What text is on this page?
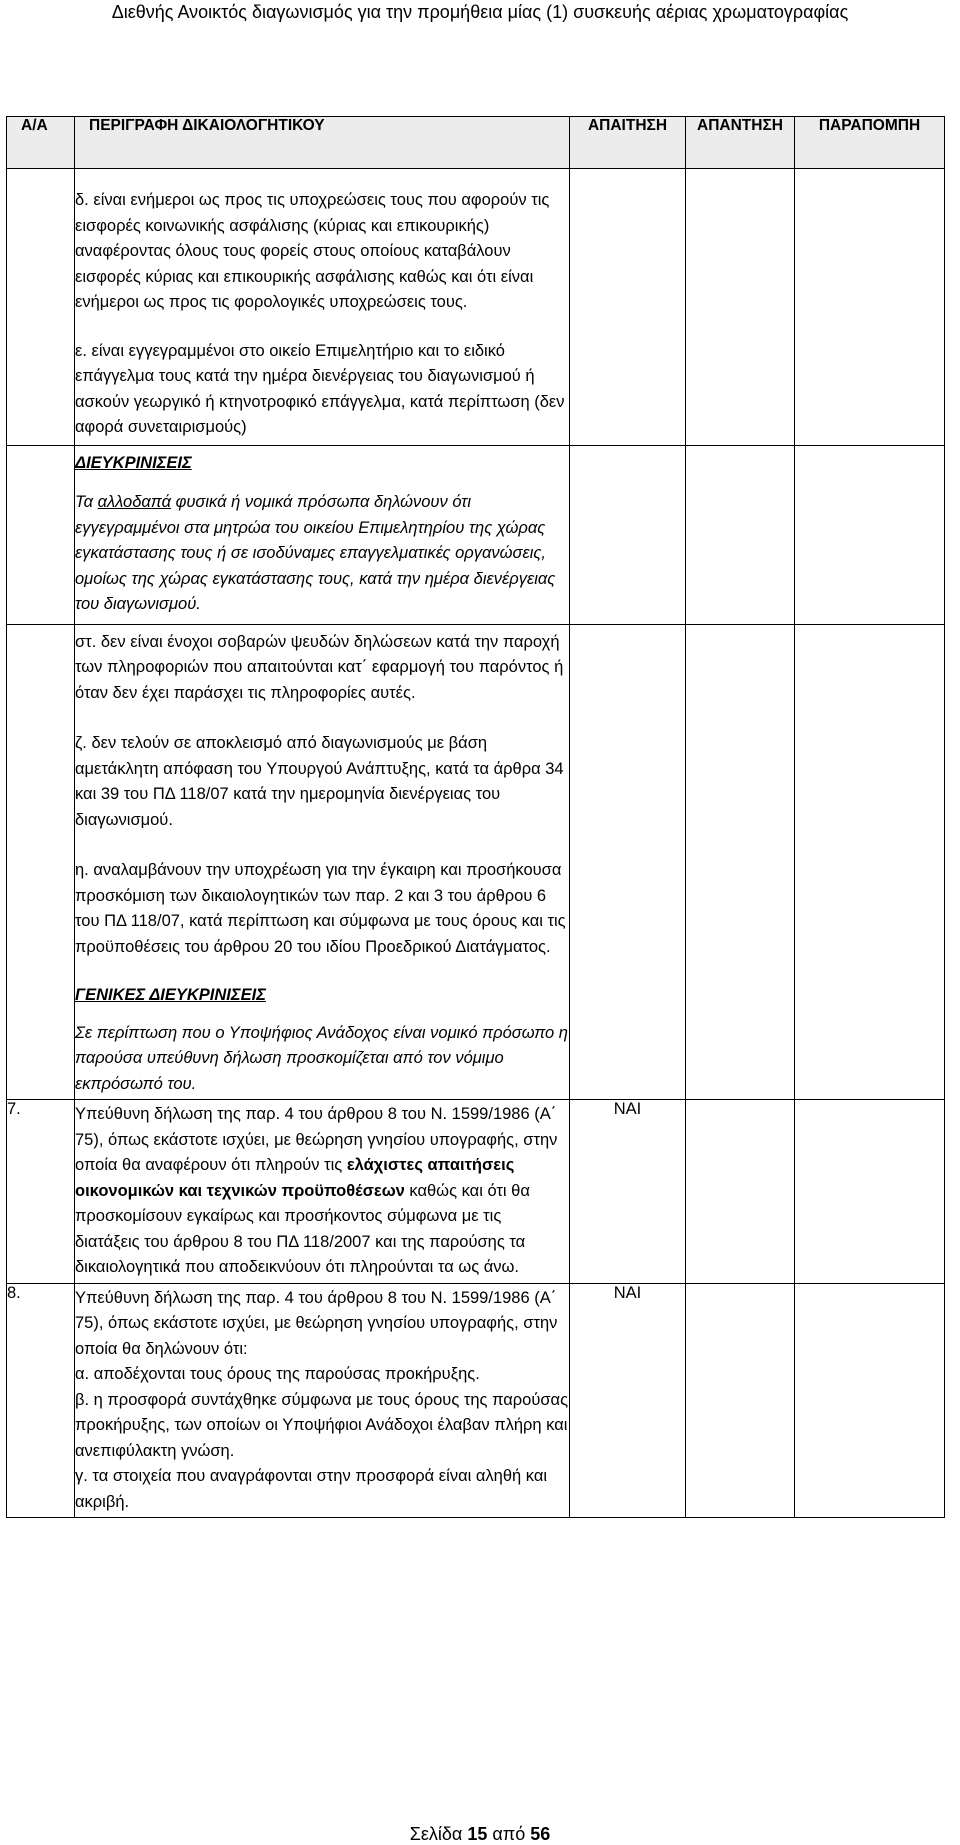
Διεθνής Ανοικτός διαγωνισμός για την προμήθεια μίας (1) συσκευής αέριας χρωματογραφίας
Α/Α	ΠΕΡΙΓΡΑΦΗ ΔΙΚΑΙΟΛΟΓΗΤΙΚΟΥ	ΑΠΑΙΤΗΣΗ	ΑΠΑΝΤΗΣΗ	ΠΑΡΑΠΟΜΠΗ

	δ. είναι ενήμεροι ως προς τις υποχρεώσεις τους που αφορούν τις εισφορές κοινωνικής ασφάλισης (κύριας και επικουρικής) αναφέροντας όλους τους φορείς στους οποίους καταβάλουν εισφορές κύριας και επικουρικής ασφάλισης καθώς και ότι είναι ενήμεροι ως προς τις φορολογικές υποχρεώσεις τους.

ε. είναι εγγεγραμμένοι στο οικείο Επιμελητήριο και το ειδικό επάγγελμα τους κατά την ημέρα διενέργειας του διαγωνισμού ή ασκούν γεωργικό ή κτηνοτροφικό επάγγελμα, κατά περίπτωση (δεν αφορά συνεταιρισμούς)			

	ΔΙΕΥΚΡΙΝΙΣΕΙΣ

Τα αλλοδαπά φυσικά ή νομικά πρόσωπα δηλώνουν ότι εγγεγραμμένοι στα μητρώα του οικείου Επιμελητηρίου της χώρας εγκατάστασης τους ή σε ισοδύναμες επαγγελματικές οργανώσεις, ομοίως της χώρας εγκατάστασης τους, κατά την ημέρα διενέργειας του διαγωνισμού.			

	στ. δεν είναι ένοχοι σοβαρών ψευδών δηλώσεων κατά την παροχή των πληροφοριών που απαιτούνται κατ΄ εφαρμογή του παρόντος ή όταν δεν έχει παράσχει τις πληροφορίες αυτές.

ζ. δεν τελούν σε αποκλεισμό από διαγωνισμούς με βάση αμετάκλητη απόφαση του Υπουργού Ανάπτυξης, κατά τα άρθρα 34 και 39 του ΠΔ 118/07 κατά την ημερομηνία διενέργειας του διαγωνισμού.

η. αναλαμβάνουν την υποχρέωση για την έγκαιρη και προσήκουσα προσκόμιση των δικαιολογητικών των παρ. 2 και 3 του άρθρου 6 του ΠΔ 118/07, κατά περίπτωση και σύμφωνα με τους όρους και τις προϋποθέσεις του άρθρου 20 του ιδίου Προεδρικού Διατάγματος.

ΓΕΝΙΚΕΣ ΔΙΕΥΚΡΙΝΙΣΕΙΣ

Σε περίπτωση που ο Υποψήφιος Ανάδοχος είναι νομικό πρόσωπο η παρούσα υπεύθυνη δήλωση προσκομίζεται από τον νόμιμο εκπρόσωπό του.			

7.	Υπεύθυνη δήλωση της παρ. 4 του άρθρου 8 του Ν. 1599/1986 (Α΄ 75), όπως εκάστοτε ισχύει, με θεώρηση γνησίου υπογραφής, στην οποία θα αναφέρουν ότι πληρούν τις ελάχιστες απαιτήσεις οικονομικών και τεχνικών προϋποθέσεων καθώς και ότι θα προσκομίσουν εγκαίρως και προσήκοντος σύμφωνα με τις διατάξεις του άρθρου 8 του ΠΔ 118/2007 και της παρούσης τα δικαιολογητικά που αποδεικνύουν ότι πληρούνται τα ως άνω.	ΝΑΙ		
8.	Υπεύθυνη δήλωση της παρ. 4 του άρθρου 8 του Ν. 1599/1986 (Α΄ 75), όπως εκάστοτε ισχύει, με θεώρηση γνησίου υπογραφής, στην οποία θα δηλώνουν ότι:

α. αποδέχονται τους όρους της παρούσας προκήρυξης.

β. η προσφορά συντάχθηκε σύμφωνα με τους όρους της παρούσας προκήρυξης, των οποίων οι Υποψήφιοι Ανάδοχοι έλαβαν πλήρη και ανεπιφύλακτη γνώση.

γ. τα στοιχεία που αναγράφονται στην προσφορά είναι αληθή και ακριβή.	ΝΑΙ		
Σελίδα 15 από 56
